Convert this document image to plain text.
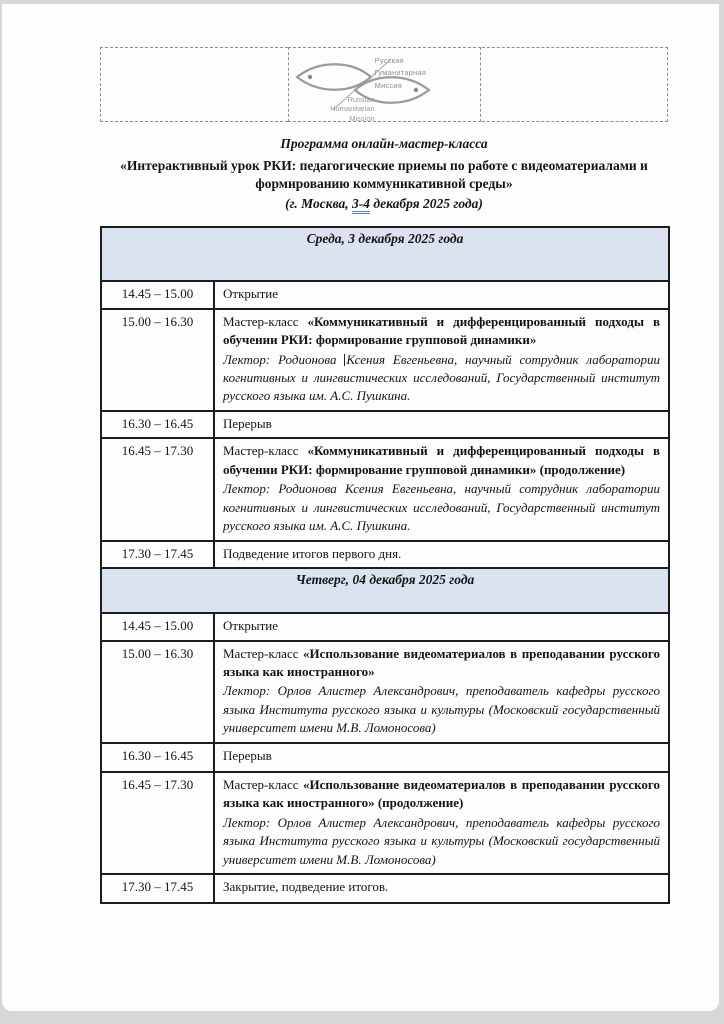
Русская
Гуманитарная
Миссия
Russian
Humanitarian
Mission
Программа онлайн-мастер-класса
«Интерактивный урок РКИ: педагогические приемы по работе с видеоматериалами и формированию коммуникативной среды»
(г. Москва, 3-4 декабря 2025 года)
Среда, 3 декабря 2025 года	
14.45 – 15.00	Открытие
15.00 – 16.30	Мастер-класс «Коммуникативный и дифференцированный подходы в обучении РКИ: формирование групповой динамики»

Лектор: Родионова Ксения Евгеньевна, научный сотрудник лаборатории когнитивных и лингвистических исследований, Государственный институт русского языка им. А.С. Пушкина.

16.30 – 16.45	Перерыв
16.45 – 17.30	Мастер-класс «Коммуникативный и дифференцированный подходы в обучении РКИ: формирование групповой динамики» (продолжение)

Лектор: Родионова Ксения Евгеньевна, научный сотрудник лаборатории когнитивных и лингвистических исследований, Государственный институт русского языка им. А.С. Пушкина.

17.30 – 17.45	Подведение итогов первого дня.
Четверг, 04 декабря 2025 года	
14.45 – 15.00	Открытие
15.00 – 16.30	Мастер-класс «Использование видеоматериалов в преподавании русского языка как иностранного»

Лектор: Орлов Алистер Александрович, преподаватель кафедры русского языка Института русского языка и культуры (Московский государственный университет имени М.В. Ломоносова)

16.30 – 16.45	Перерыв
16.45 – 17.30	Мастер-класс «Использование видеоматериалов в преподавании русского языка как иностранного» (продолжение)

Лектор: Орлов Алистер Александрович, преподаватель кафедры русского языка Института русского языка и культуры (Московский государственный университет имени М.В. Ломоносова)

17.30 – 17.45	Закрытие, подведение итогов.
